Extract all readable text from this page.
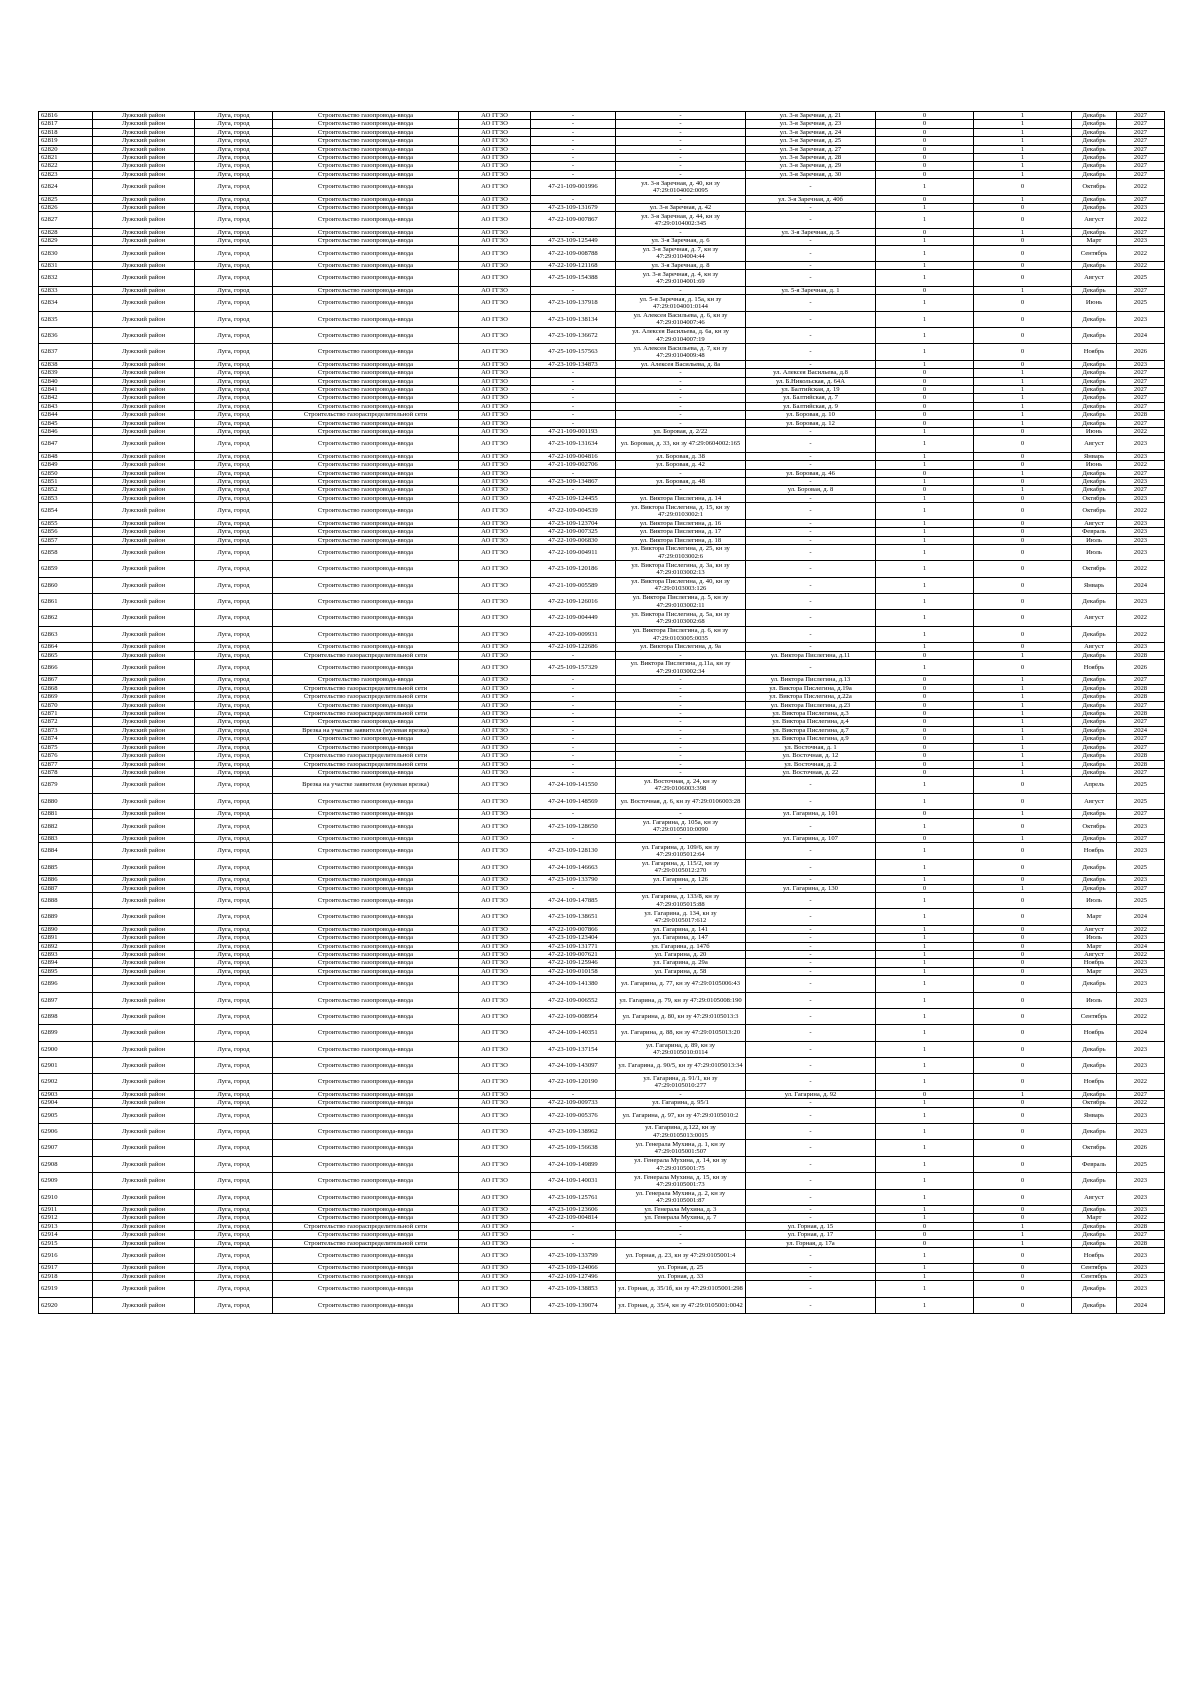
62816	Лужский район	Луга, город	Строительство газопровода-ввода	АО ГГЗО	-	-	ул. 3-я Заречная, д. 21	0	1	Декабрь	2027
62817	Лужский район	Луга, город	Строительство газопровода-ввода	АО ГГЗО	-	-	ул. 3-я Заречная, д. 23	0	1	Декабрь	2027
62818	Лужский район	Луга, город	Строительство газопровода-ввода	АО ГГЗО	-	-	ул. 3-я Заречная, д. 24	0	1	Декабрь	2027
62819	Лужский район	Луга, город	Строительство газопровода-ввода	АО ГГЗО	-	-	ул. 3-я Заречная, д. 25	0	1	Декабрь	2027
62820	Лужский район	Луга, город	Строительство газопровода-ввода	АО ГГЗО	-	-	ул. 3-я Заречная, д. 27	0	1	Декабрь	2027
62821	Лужский район	Луга, город	Строительство газопровода-ввода	АО ГГЗО	-	-	ул. 3-я Заречная, д. 28	0	1	Декабрь	2027
62822	Лужский район	Луга, город	Строительство газопровода-ввода	АО ГГЗО	-	-	ул. 3-я Заречная, д. 29	0	1	Декабрь	2027
62823	Лужский район	Луга, город	Строительство газопровода-ввода	АО ГГЗО	-	-	ул. 3-я Заречная, д. 30	0	1	Декабрь	2027
62824	Лужский район	Луга, город	Строительство газопровода-ввода	АО ГГЗО	47-21-109-001996	ул. 3-я Заречная, д. 40, кн зу 47:29:0104002:0095	-	1	0	Октябрь	2022
62825	Лужский район	Луга, город	Строительство газопровода-ввода	АО ГГЗО	-	-	ул. 3-я Заречная, д. 40б	0	1	Декабрь	2027
62826	Лужский район	Луга, город	Строительство газопровода-ввода	АО ГГЗО	47-23-109-131679	ул. 3-я Заречная, д. 42	-	1	0	Декабрь	2023
62827	Лужский район	Луга, город	Строительство газопровода-ввода	АО ГГЗО	47-22-109-007867	ул. 3-я Заречная, д. 44, кн зу 47:29:0104002:345	-	1	0	Август	2022
62828	Лужский район	Луга, город	Строительство газопровода-ввода	АО ГГЗО	-	-	ул. 3-я Заречная, д. 5	0	1	Декабрь	2027
62829	Лужский район	Луга, город	Строительство газопровода-ввода	АО ГГЗО	47-23-109-125449	ул. 3-я Заречная, д. 6	-	1	0	Март	2023
62830	Лужский район	Луга, город	Строительство газопровода-ввода	АО ГГЗО	47-22-109-008788	ул. 3-я Заречная, д. 7, кн зу 47:29:0104004:44	-	1	0	Сентябрь	2022
62831	Лужский район	Луга, город	Строительство газопровода-ввода	АО ГГЗО	47-22-109-121168	ул. 3-я Заречная, д. 8	-	1	0	Декабрь	2022
62832	Лужский район	Луга, город	Строительство газопровода-ввода	АО ГГЗО	47-25-109-154388	ул. 3-я Заречная, д. 4, кн зу 47:29:0104001:69	-	1	0	Август	2025
62833	Лужский район	Луга, город	Строительство газопровода-ввода	АО ГГЗО	-	-	ул. 5-я Заречная, д. 1	0	1	Декабрь	2027
62834	Лужский район	Луга, город	Строительство газопровода-ввода	АО ГГЗО	47-23-109-137918	ул. 5-я Заречная, д. 15а, кн зу 47:29:0104001:0144	-	1	0	Июнь	2025
62835	Лужский район	Луга, город	Строительство газопровода-ввода	АО ГГЗО	47-23-109-138134	ул. Алексея Васильева, д. 6, кн зу 47:29:0104007:46	-	1	0	Декабрь	2023
62836	Лужский район	Луга, город	Строительство газопровода-ввода	АО ГГЗО	47-23-109-136672	ул. Алексея Васильева, д. 6а, кн зу 47:29:0104007:19	-	1	0	Декабрь	2024
62837	Лужский район	Луга, город	Строительство газопровода-ввода	АО ГГЗО	47-25-109-157563	ул. Алексея Васильева, д. 7, кн зу 47:29:0104009:48	-	1	0	Ноябрь	2026
62838	Лужский район	Луга, город	Строительство газопровода-ввода	АО ГГЗО	47-23-109-134873	ул. Алексея Васильева, д. 8а	-	1	0	Декабрь	2023
62839	Лужский район	Луга, город	Строительство газопровода-ввода	АО ГГЗО	-	-	ул. Алексея Васильева, д.8	0	1	Декабрь	2027
62840	Лужский район	Луга, город	Строительство газопровода-ввода	АО ГГЗО	-	-	ул. Б.Никольская, д. 64А	0	1	Декабрь	2027
62841	Лужский район	Луга, город	Строительство газопровода-ввода	АО ГГЗО	-	-	ул. Балтийская, д. 19	0	1	Декабрь	2027
62842	Лужский район	Луга, город	Строительство газопровода-ввода	АО ГГЗО	-	-	ул. Балтийская, д. 7	0	1	Декабрь	2027
62843	Лужский район	Луга, город	Строительство газопровода-ввода	АО ГГЗО	-	-	ул. Балтийская, д. 9	0	1	Декабрь	2027
62844	Лужский район	Луга, город	Строительство газораспределительной сети	АО ГГЗО	-	-	ул. Боровая, д. 10	0	1	Декабрь	2028
62845	Лужский район	Луга, город	Строительство газопровода-ввода	АО ГГЗО	-	-	ул. Боровая, д. 12	0	1	Декабрь	2027
62846	Лужский район	Луга, город	Строительство газопровода-ввода	АО ГГЗО	47-21-109-001193	ул. Боровая, д. 2/22	-	1	0	Июнь	2022
62847	Лужский район	Луга, город	Строительство газопровода-ввода	АО ГГЗО	47-23-109-131634	ул. Боровая, д. 33, кн зу 47:29:0604002:165	-	1	0	Август	2023
62848	Лужский район	Луга, город	Строительство газопровода-ввода	АО ГГЗО	47-22-109-004816	ул. Боровая, д. 38	-	1	0	Январь	2023
62849	Лужский район	Луга, город	Строительство газопровода-ввода	АО ГГЗО	47-21-109-002706	ул. Боровая, д. 42	-	1	0	Июнь	2022
62850	Лужский район	Луга, город	Строительство газопровода-ввода	АО ГГЗО	-	-	ул. Боровая, д. 46	0	1	Декабрь	2027
62851	Лужский район	Луга, город	Строительство газопровода-ввода	АО ГГЗО	47-23-109-134867	ул. Боровая, д. 48	-	1	0	Декабрь	2023
62852	Лужский район	Луга, город	Строительство газопровода-ввода	АО ГГЗО	-	-	ул. Боровая, д. 8	0	1	Декабрь	2027
62853	Лужский район	Луга, город	Строительство газопровода-ввода	АО ГГЗО	47-23-109-124455	ул. Виктора Пислегина, д. 14	-	1	0	Октябрь	2023
62854	Лужский район	Луга, город	Строительство газопровода-ввода	АО ГГЗО	47-22-109-004539	ул. Виктора Пислегина, д. 15, кн зу 47:29:0103002:1	-	1	0	Октябрь	2022
62855	Лужский район	Луга, город	Строительство газопровода-ввода	АО ГГЗО	47-23-109-123704	ул. Виктора Пислегина, д. 16	-	1	0	Август	2023
62856	Лужский район	Луга, город	Строительство газопровода-ввода	АО ГГЗО	47-22-109-007325	ул. Виктора Пислегина, д. 17	-	1	0	Февраль	2023
62857	Лужский район	Луга, город	Строительство газопровода-ввода	АО ГГЗО	47-22-109-006830	ул. Виктора Пислегина, д. 18	-	1	0	Июль	2023
62858	Лужский район	Луга, город	Строительство газопровода-ввода	АО ГГЗО	47-22-109-004911	ул. Виктора Пислегина, д. 25, кн зу 47:29:0103002:6	-	1	0	Июль	2023
62859	Лужский район	Луга, город	Строительство газопровода-ввода	АО ГГЗО	47-23-109-120186	ул. Виктора Пислегина, д. 3а, кн зу 47:29:0103002:13	-	1	0	Октябрь	2022
62860	Лужский район	Луга, город	Строительство газопровода-ввода	АО ГГЗО	47-21-109-005589	ул. Виктора Пислегина, д. 40, кн зу 47:29:0103003:126	-	1	0	Январь	2024
62861	Лужский район	Луга, город	Строительство газопровода-ввода	АО ГГЗО	47-22-109-126016	ул. Виктора Пислегина, д. 5, кн зу 47:29:0103002:11	-	1	0	Декабрь	2023
62862	Лужский район	Луга, город	Строительство газопровода-ввода	АО ГГЗО	47-22-109-004449	ул. Виктора Пислегина, д. 5а, кн зу 47:29:0103002:68	-	1	0	Август	2022
62863	Лужский район	Луга, город	Строительство газопровода-ввода	АО ГГЗО	47-22-109-009931	ул. Виктора Пислегина, д. 6, кн зу 47:29:0103005:0035	-	1	0	Декабрь	2022
62864	Лужский район	Луга, город	Строительство газопровода-ввода	АО ГГЗО	47-22-109-122686	ул. Виктора Пислегина, д. 9а	-	1	0	Август	2023
62865	Лужский район	Луга, город	Строительство газораспределительной сети	АО ГГЗО	-	-	ул. Виктора Пислегина, д.11	0	1	Декабрь	2028
62866	Лужский район	Луга, город	Строительство газопровода-ввода	АО ГГЗО	47-25-109-157329	ул. Виктора Пислегина, д.11а, кн зу 47:29:0103002:34	-	1	0	Ноябрь	2026
62867	Лужский район	Луга, город	Строительство газопровода-ввода	АО ГГЗО	-	-	ул. Виктора Пислегина, д.13	0	1	Декабрь	2027
62868	Лужский район	Луга, город	Строительство газораспределительной сети	АО ГГЗО	-	-	ул. Виктора Пислегина, д.19а	0	1	Декабрь	2028
62869	Лужский район	Луга, город	Строительство газораспределительной сети	АО ГГЗО	-	-	ул. Виктора Пислегина, д.22а	0	1	Декабрь	2028
62870	Лужский район	Луга, город	Строительство газопровода-ввода	АО ГГЗО	-	-	ул. Виктора Пислегина, д.23	0	1	Декабрь	2027
62871	Лужский район	Луга, город	Строительство газораспределительной сети	АО ГГЗО	-	-	ул. Виктора Пислегина, д.3	0	1	Декабрь	2028
62872	Лужский район	Луга, город	Строительство газопровода-ввода	АО ГГЗО	-	-	ул. Виктора Пислегина, д.4	0	1	Декабрь	2027
62873	Лужский район	Луга, город	Врезка на участке заявителя (нулевая врезка)	АО ГГЗО	-	-	ул. Виктора Пислегина, д.7	0	1	Декабрь	2024
62874	Лужский район	Луга, город	Строительство газопровода-ввода	АО ГГЗО	-	-	ул. Виктора Пислегина, д.9	0	1	Декабрь	2027
62875	Лужский район	Луга, город	Строительство газопровода-ввода	АО ГГЗО	-	-	ул. Восточная, д. 1	0	1	Декабрь	2027
62876	Лужский район	Луга, город	Строительство газораспределительной сети	АО ГГЗО	-	-	ул. Восточная, д. 12	0	1	Декабрь	2028
62877	Лужский район	Луга, город	Строительство газораспределительной сети	АО ГГЗО	-	-	ул. Восточная, д. 2	0	1	Декабрь	2028
62878	Лужский район	Луга, город	Строительство газопровода-ввода	АО ГГЗО	-	-	ул. Восточная, д. 22	0	1	Декабрь	2027
62879	Лужский район	Луга, город	Врезка на участке заявителя (нулевая врезка)	АО ГГЗО	47-24-109-141550	ул. Восточная, д. 24, кн зу 47:29:0106003:398	-	1	0	Апрель	2025
62880	Лужский район	Луга, город	Строительство газопровода-ввода	АО ГГЗО	47-24-109-148569	ул. Восточная, д. 6, кн зу 47:29:0106003:28	-	1	0	Август	2025
62881	Лужский район	Луга, город	Строительство газопровода-ввода	АО ГГЗО	-	-	ул. Гагарина, д. 101	0	1	Декабрь	2027
62882	Лужский район	Луга, город	Строительство газопровода-ввода	АО ГГЗО	47-23-109-128650	ул. Гагарина, д. 105а, кн зу 47:29:0105010:0090	-	1	0	Октябрь	2023
62883	Лужский район	Луга, город	Строительство газопровода-ввода	АО ГГЗО	-	-	ул. Гагарина, д. 107	0	1	Декабрь	2027
62884	Лужский район	Луга, город	Строительство газопровода-ввода	АО ГГЗО	47-23-109-128130	ул. Гагарина, д. 109/6, кн зу 47:29:0105012:64	-	1	0	Ноябрь	2023
62885	Лужский район	Луга, город	Строительство газопровода-ввода	АО ГГЗО	47-24-109-146663	ул. Гагарина, д. 115/2, кн зу 47:29:0105012:270	-	1	0	Декабрь	2025
62886	Лужский район	Луга, город	Строительство газопровода-ввода	АО ГГЗО	47-23-109-133790	ул. Гагарина, д. 126	-	1	0	Декабрь	2023
62887	Лужский район	Луга, город	Строительство газопровода-ввода	АО ГГЗО	-	-	ул. Гагарина, д. 130	0	1	Декабрь	2027
62888	Лужский район	Луга, город	Строительство газопровода-ввода	АО ГГЗО	47-24-109-147885	ул. Гагарина, д. 133/8, кн зу 47:29:0105015:88	-	1	0	Июль	2025
62889	Лужский район	Луга, город	Строительство газопровода-ввода	АО ГГЗО	47-23-109-138651	ул. Гагарина, д. 134, кн зу 47:29:0105017:612	-	1	0	Март	2024
62890	Лужский район	Луга, город	Строительство газопровода-ввода	АО ГГЗО	47-22-109-007866	ул. Гагарина, д. 141	-	1	0	Август	2022
62891	Лужский район	Луга, город	Строительство газопровода-ввода	АО ГГЗО	47-23-109-123404	ул. Гагарина, д. 147	-	1	0	Июль	2023
62892	Лужский район	Луга, город	Строительство газопровода-ввода	АО ГГЗО	47-23-109-131771	ул. Гагарина, д. 147б	-	1	0	Март	2024
62893	Лужский район	Луга, город	Строительство газопровода-ввода	АО ГГЗО	47-22-109-007621	ул. Гагарина, д. 20	-	1	0	Август	2022
62894	Лужский район	Луга, город	Строительство газопровода-ввода	АО ГГЗО	47-22-109-125946	ул. Гагарина, д. 29а	-	1	0	Ноябрь	2023
62895	Лужский район	Луга, город	Строительство газопровода-ввода	АО ГГЗО	47-22-109-010158	ул. Гагарина, д. 58	-	1	0	Март	2023
62896	Лужский район	Луга, город	Строительство газопровода-ввода	АО ГГЗО	47-24-109-141380	ул. Гагарина, д. 77, кн зу 47:29:0105006:43	-	1	0	Декабрь	2023
62897	Лужский район	Луга, город	Строительство газопровода-ввода	АО ГГЗО	47-22-109-006552	ул. Гагарина, д. 79, кн зу 47:29:0105008:190	-	1	0	Июль	2023
62898	Лужский район	Луга, город	Строительство газопровода-ввода	АО ГГЗО	47-22-109-008954	ул. Гагарина, д. 80, кн зу 47:29:0105013:3	-	1	0	Сентябрь	2022
62899	Лужский район	Луга, город	Строительство газопровода-ввода	АО ГГЗО	47-24-109-140351	ул. Гагарина, д. 88, кн зу 47:29:0105013:20	-	1	0	Ноябрь	2024
62900	Лужский район	Луга, город	Строительство газопровода-ввода	АО ГГЗО	47-23-109-137154	ул. Гагарина, д. 89, кн зу 47:29:0105010:0114	-	1	0	Декабрь	2023
62901	Лужский район	Луга, город	Строительство газопровода-ввода	АО ГГЗО	47-24-109-143097	ул. Гагарина, д. 90/5, кн зу 47:29:0105013:34	-	1	0	Декабрь	2023
62902	Лужский район	Луга, город	Строительство газопровода-ввода	АО ГГЗО	47-22-109-120190	ул. Гагарина, д. 91/1, кн зу 47:29:0105010:277	-	1	0	Ноябрь	2022
62903	Лужский район	Луга, город	Строительство газопровода-ввода	АО ГГЗО	-	-	ул. Гагарина, д. 92	0	1	Декабрь	2027
62904	Лужский район	Луга, город	Строительство газопровода-ввода	АО ГГЗО	47-22-109-009733	ул. Гагарина, д. 95/1	-	1	0	Октябрь	2022
62905	Лужский район	Луга, город	Строительство газопровода-ввода	АО ГГЗО	47-22-109-005376	ул. Гагарина, д. 97, кн зу 47:29:0105010:2	-	1	0	Январь	2023
62906	Лужский район	Луга, город	Строительство газопровода-ввода	АО ГГЗО	47-23-109-138962	ул. Гагарина, д.122, кн зу 47:29:0105013:0015	-	1	0	Декабрь	2023
62907	Лужский район	Луга, город	Строительство газопровода-ввода	АО ГГЗО	47-25-109-156638	ул. Генерала Мухина, д. 1, кн зу 47:29:0105001:507	-	1	0	Октябрь	2026
62908	Лужский район	Луга, город	Строительство газопровода-ввода	АО ГГЗО	47-24-109-149899	ул. Генерала Мухина, д. 14, кн зу 47:29:0105001:75	-	1	0	Февраль	2025
62909	Лужский район	Луга, город	Строительство газопровода-ввода	АО ГГЗО	47-24-109-140031	ул. Генерала Мухина, д. 15, кн зу 47:29:0105001:73	-	1	0	Декабрь	2023
62910	Лужский район	Луга, город	Строительство газопровода-ввода	АО ГГЗО	47-23-109-125761	ул. Генерала Мухина, д. 2, кн зу 47:29:0105001:87	-	1	0	Август	2023
62911	Лужский район	Луга, город	Строительство газопровода-ввода	АО ГГЗО	47-23-109-123606	ул. Генерала Мухина, д. 3	-	1	0	Декабрь	2023
62912	Лужский район	Луга, город	Строительство газопровода-ввода	АО ГГЗО	47-22-109-004814	ул. Генерала Мухина, д. 7	-	1	0	Март	2022
62913	Лужский район	Луга, город	Строительство газораспределительной сети	АО ГГЗО	-	-	ул. Горная, д. 15	0	1	Декабрь	2028
62914	Лужский район	Луга, город	Строительство газопровода-ввода	АО ГГЗО	-	-	ул. Горная, д. 17	0	1	Декабрь	2027
62915	Лужский район	Луга, город	Строительство газораспределительной сети	АО ГГЗО	-	-	ул. Горная, д. 17а	0	1	Декабрь	2028
62916	Лужский район	Луга, город	Строительство газопровода-ввода	АО ГГЗО	47-23-109-133799	ул. Горная, д. 23, кн зу 47:29:0105001:4	-	1	0	Ноябрь	2023
62917	Лужский район	Луга, город	Строительство газопровода-ввода	АО ГГЗО	47-23-109-124066	ул. Горная, д. 25	-	1	0	Сентябрь	2023
62918	Лужский район	Луга, город	Строительство газопровода-ввода	АО ГГЗО	47-22-109-127496	ул. Горная, д. 33	-	1	0	Сентябрь	2023
62919	Лужский район	Луга, город	Строительство газопровода-ввода	АО ГГЗО	47-23-109-138853	ул. Горная, д. 35/1б, кн зу 47:29:0105001:298	-	1	0	Декабрь	2023
62920	Лужский район	Луга, город	Строительство газопровода-ввода	АО ГГЗО	47-23-109-139074	ул. Горная, д. 35/4, кн зу 47:29:0105001:0042	-	1	0	Декабрь	2024
